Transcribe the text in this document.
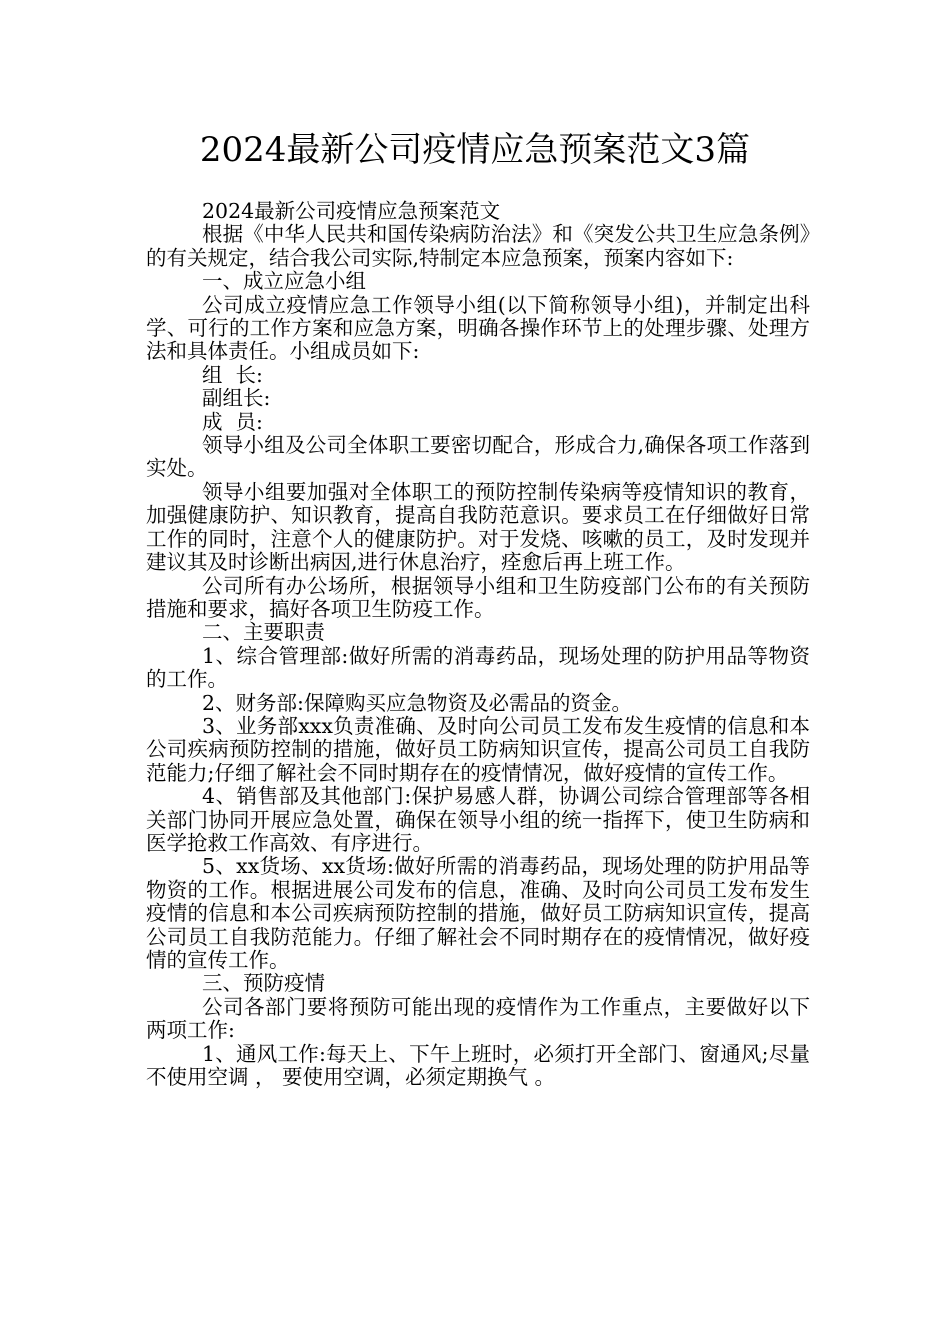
2024最新公司疫情应急预案范文3篇

2024最新公司疫情应急预案范文

根据《中华人民共和国传染病防治法》和《突发公共卫生应急条例》的有关规定，结合我公司实际,特制定本应急预案，预案内容如下:

一、成立应急小组

公司成立疫情应急工作领导小组(以下简称领导小组)，并制定出科学、可行的工作方案和应急方案，明确各操作环节上的处理步骤、处理方法和具体责任。小组成员如下:

组  长:

副组长:

成  员:

领导小组及公司全体职工要密切配合，形成合力,确保各项工作落到实处。

领导小组要加强对全体职工的预防控制传染病等疫情知识的教育，加强健康防护、知识教育，提高自我防范意识。要求员工在仔细做好日常工作的同时，注意个人的健康防护。对于发烧、咳嗽的员工，及时发现并建议其及时诊断出病因,进行休息治疗，痊愈后再上班工作。

公司所有办公场所，根据领导小组和卫生防疫部门公布的有关预防措施和要求，搞好各项卫生防疫工作。

二、主要职责

1、综合管理部:做好所需的消毒药品，现场处理的防护用品等物资的工作。

2、财务部:保障购买应急物资及必需品的资金。

3、业务部xxx负责准确、及时向公司员工发布发生疫情的信息和本公司疾病预防控制的措施，做好员工防病知识宣传，提高公司员工自我防范能力;仔细了解社会不同时期存在的疫情情况，做好疫情的宣传工作。

4、销售部及其他部门:保护易感人群，协调公司综合管理部等各相关部门协同开展应急处置，确保在领导小组的统一指挥下，使卫生防病和医学抢救工作高效、有序进行。

5、xx货场、xx货场:做好所需的消毒药品，现场处理的防护用品等物资的工作。根据进展公司发布的信息，准确、及时向公司员工发布发生疫情的信息和本公司疾病预防控制的措施，做好员工防病知识宣传，提高公司员工自我防范能力。仔细了解社会不同时期存在的疫情情况，做好疫情的宣传工作。

三、预防疫情

公司各部门要将预防可能出现的疫情作为工作重点，主要做好以下两项工作:

1、通风工作:每天上、下午上班时，必须打开全部门、窗通风;尽量不使用空调 ， 要使用空调，必须定期换气 。
